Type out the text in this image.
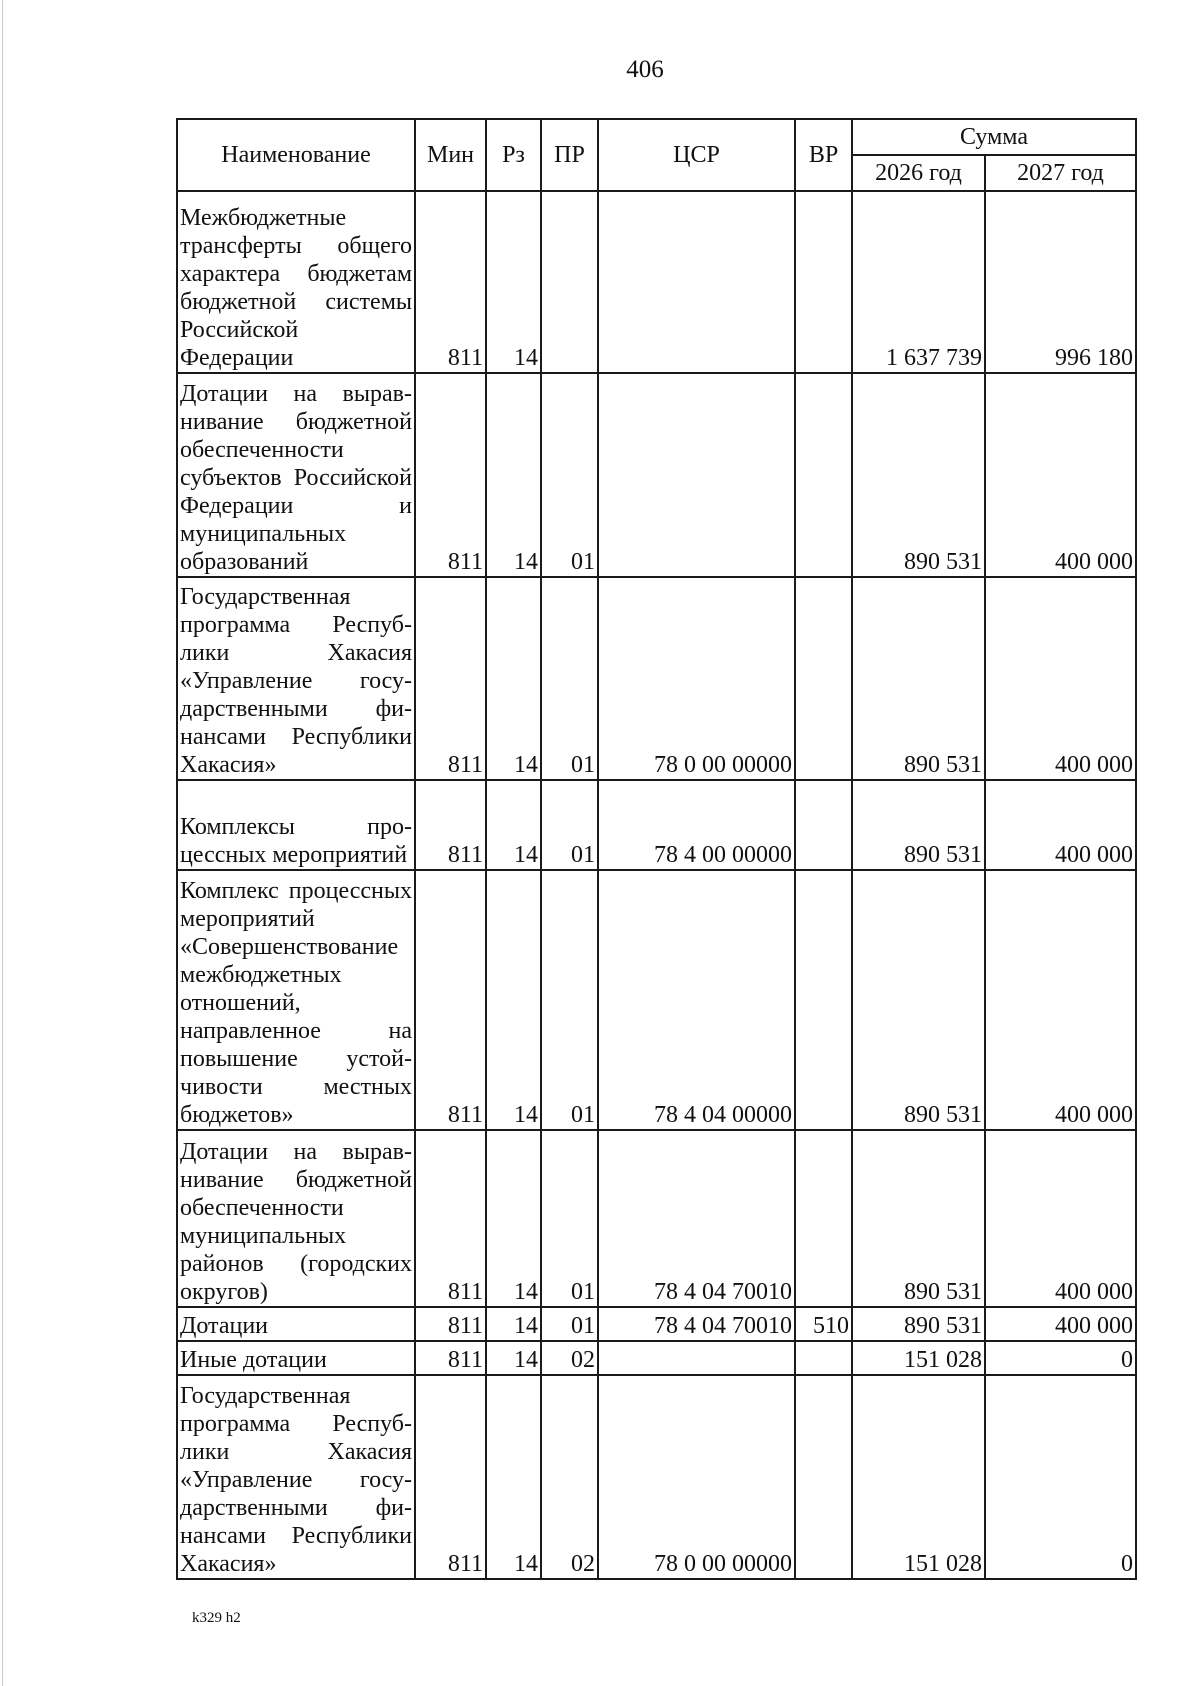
406
Наименование	Мин	Рз	ПР	ЦСР	ВР	Сумма	
						2026 год	2027 год
Межбюджетные трансферты общего характера бюджетам бюджетной системы Российской Федерации	811	14				1 637 739	996 180
Дотации на выравнивание бюджетной обеспеченности субъектов Российской Федерации и муниципальных образований	811	14	01			890 531	400 000
Государственная программа Республики Хакасия «Управление государственными финансами Республики Хакасия»	811	14	01	78 0 00 00000		890 531	400 000
Комплексы процессных мероприятий	811	14	01	78 4 00 00000		890 531	400 000
Комплекс процессных мероприятий «Совершенствование межбюджетных отношений, направленное на повышение устойчивости местных бюджетов»	811	14	01	78 4 04 00000		890 531	400 000
Дотации на выравнивание бюджетной обеспеченности муниципальных районов (городских округов)	811	14	01	78 4 04 70010		890 531	400 000
Дотации	811	14	01	78 4 04 70010	510	890 531	400 000
Иные дотации	811	14	02			151 028	0
Государственная программа Республики Хакасия «Управление государственными финансами Республики Хакасия»	811	14	02	78 0 00 00000		151 028	0
k329 h2
